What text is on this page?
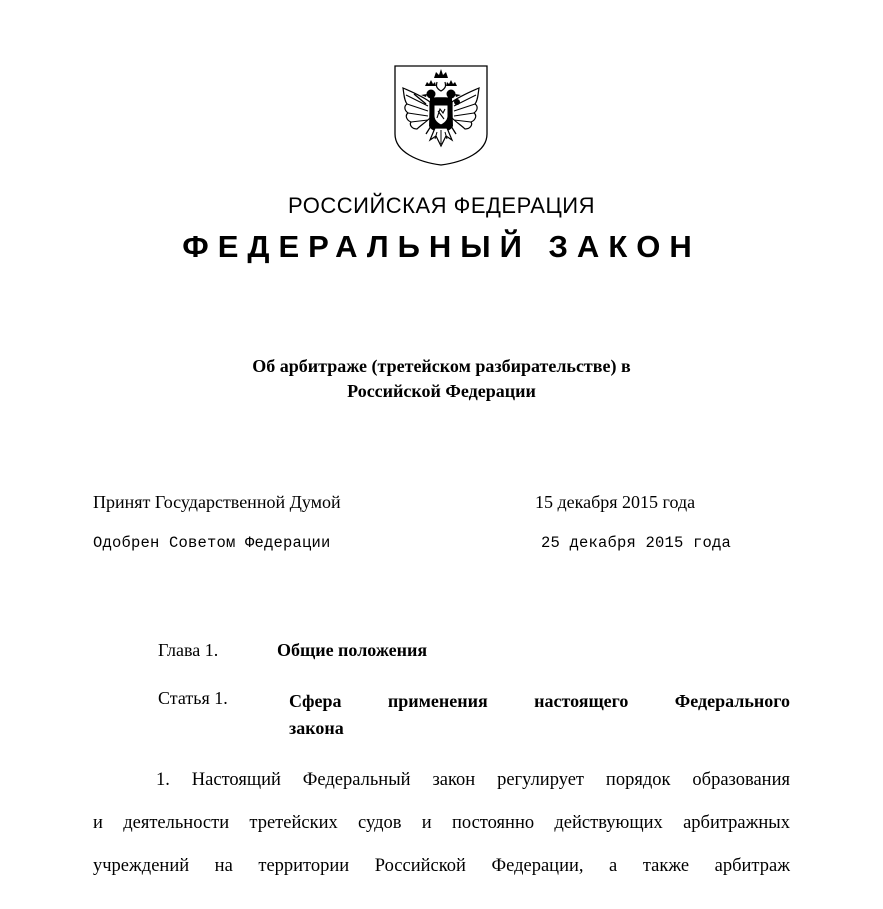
РОССИЙСКАЯ ФЕДЕРАЦИЯ
ФЕДЕРАЛЬНЫЙ ЗАКОН
Об арбитраже (третейском разбирательстве) в
Российской Федерации
Принят Государственной Думой	15 декабря 2015 года
Одобрен Советом Федерации	25 декабря 2015 года
Глава 1.	Общие положения
Статья 1.	Сфера применения настоящего Федерального
закона
1. Настоящий Федеральный закон регулирует порядок образования
и деятельности третейских судов и постоянно действующих арбитражных
учреждений на территории Российской Федерации, а также арбитраж
